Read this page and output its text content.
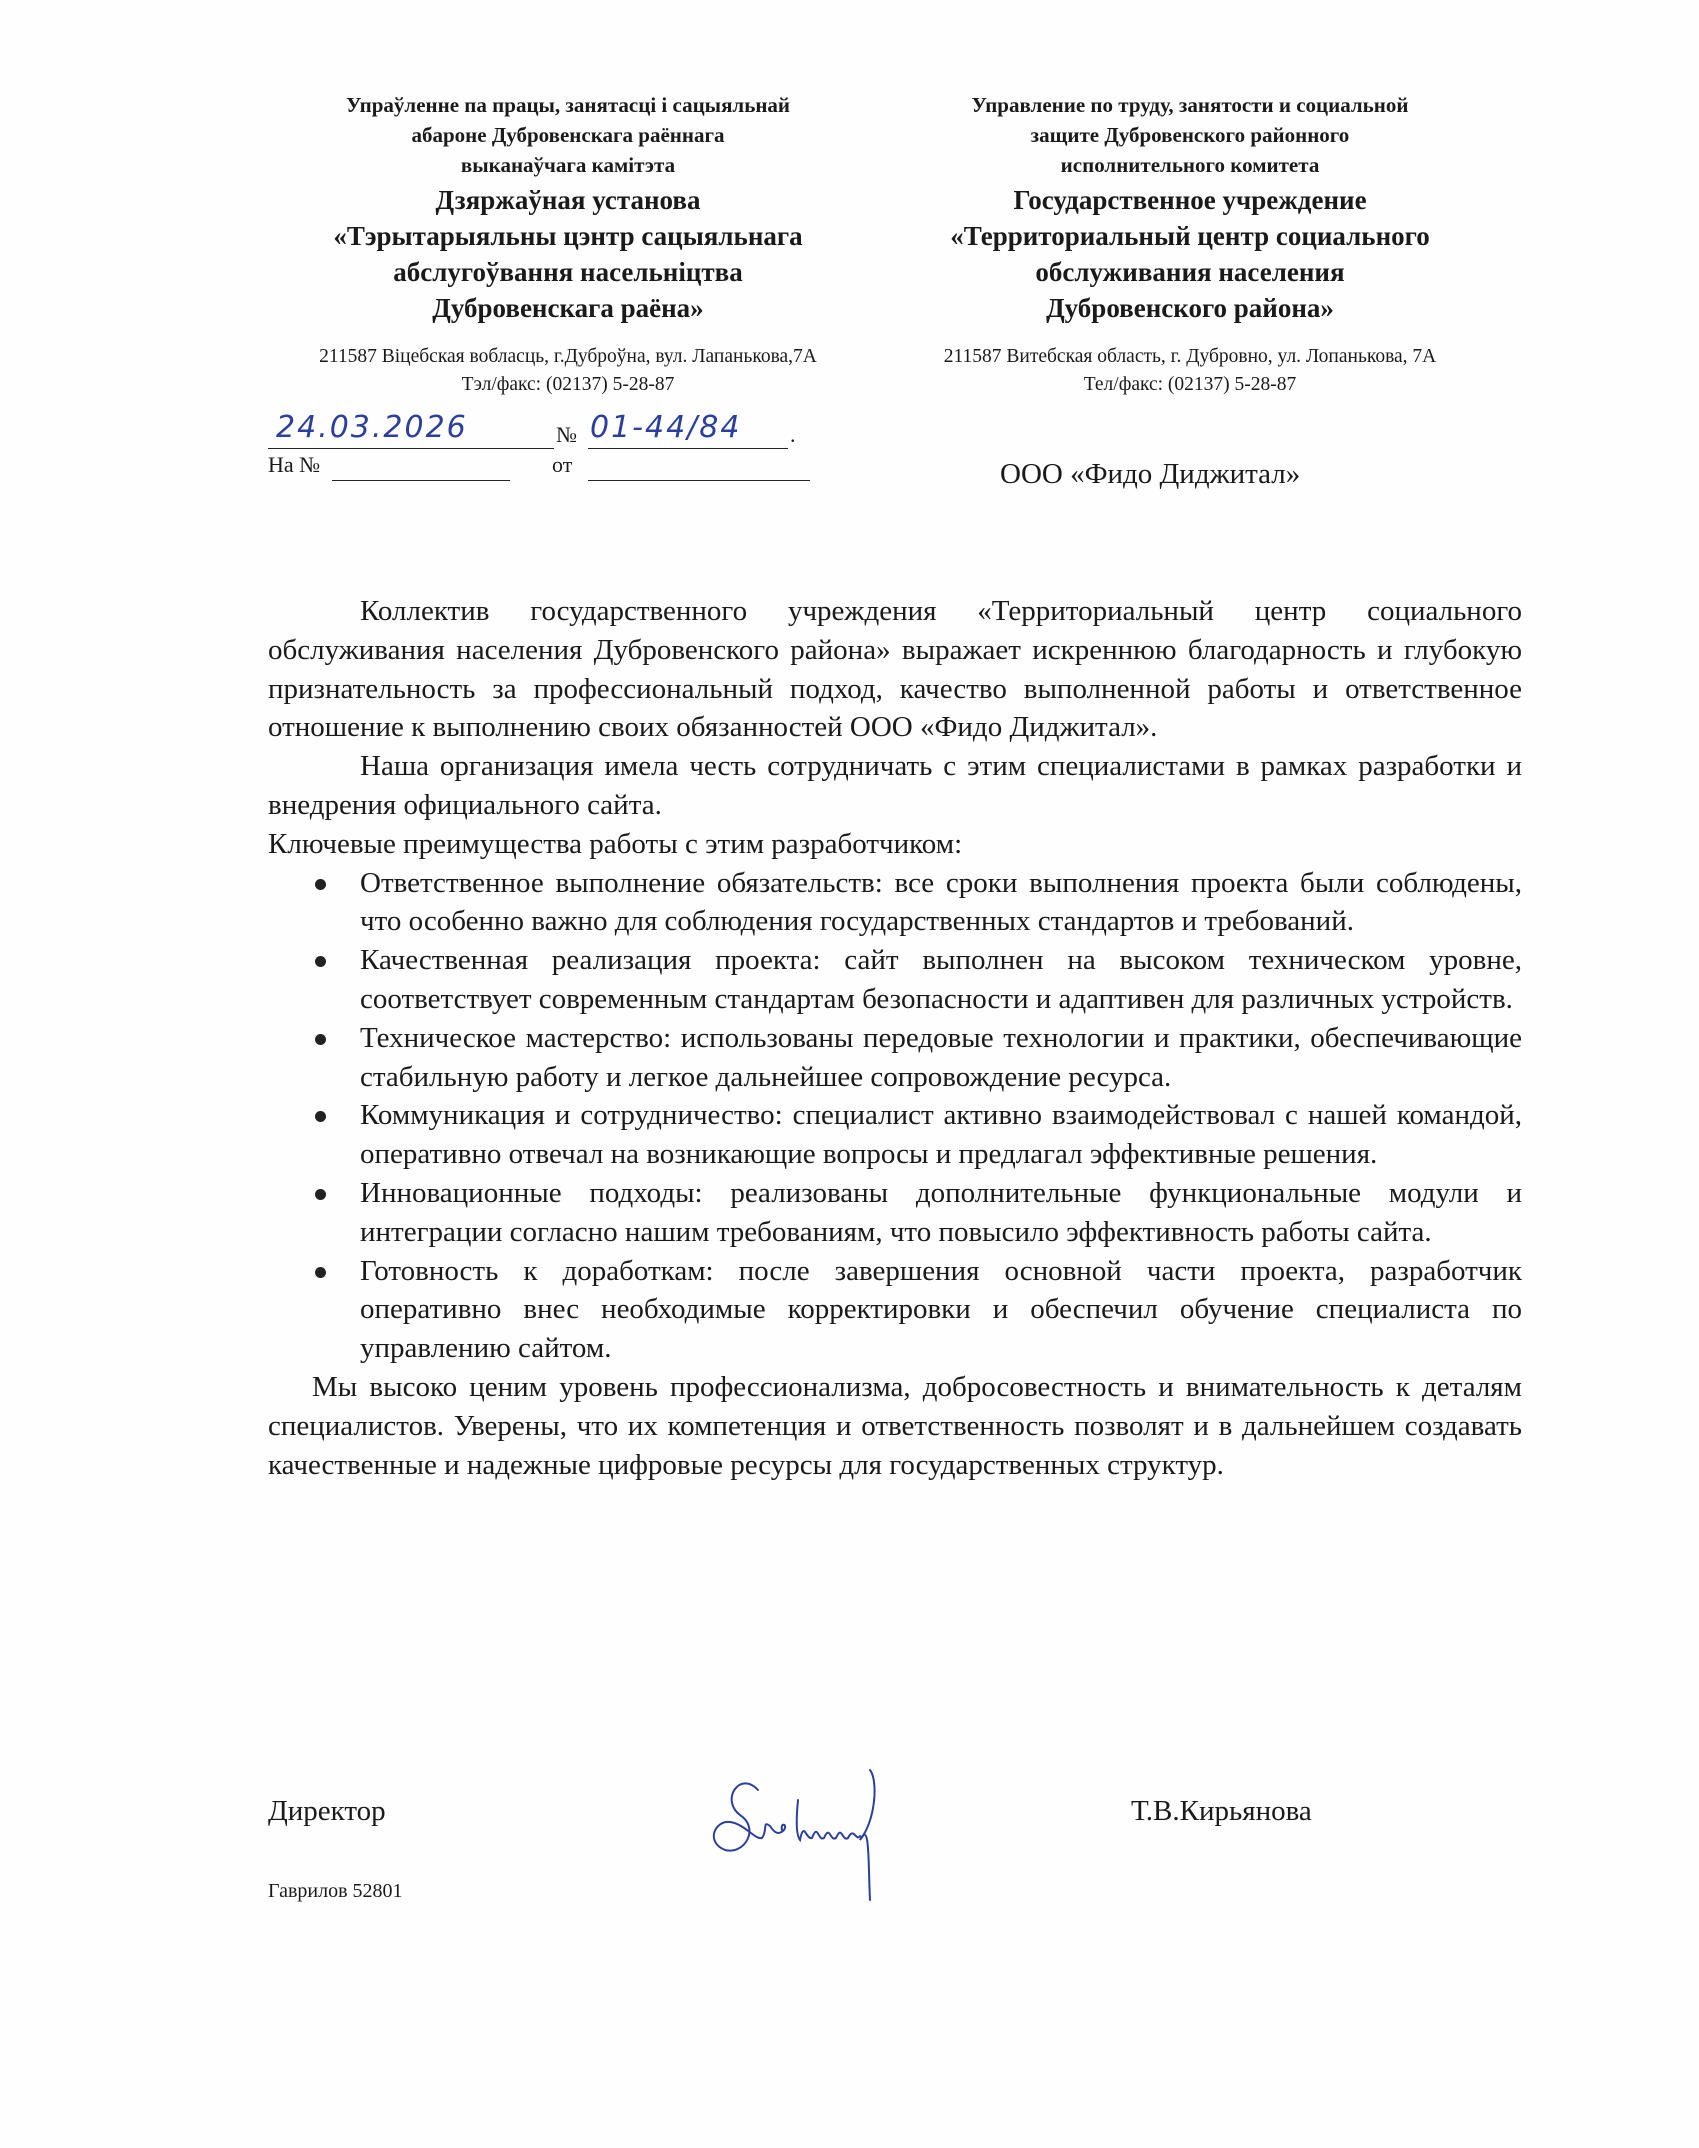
Упраўленне па працы, занятасці і сацыяльнай
абароне Дубровенскага раённага
выканаўчага камітэта
Дзяржаўная установа
«Тэрытарыяльны цэнтр сацыяльнага
абслугоўвання насельніцтва
Дубровенскага раёна»
Управление по труду, занятости и социальной
защите Дубровенского районного
исполнительного комитета
Государственное учреждение
«Территориальный центр социального
обслуживания населения
Дубровенского района»
211587 Віцебская вобласць, г.Дуброўна, вул. Лапанькова,7А
Тэл/факс: (02137) 5-28-87
211587 Витебская область, г. Дубровно, ул. Лопанькова, 7А
Тел/факс: (02137) 5-28-87
24.03.2026	№ 01-44/84 .
На №	от	ООО «Фидо Диджитал»

Коллектив государственного учреждения «Территориальный центр социального обслуживания населения Дубровенского района» выражает искреннюю благодарность и глубокую признательность за профессиональный подход, качество выполненной работы и ответственное отношение к выполнению своих обязанностей ООО «Фидо Диджитал».

Наша организация имела честь сотрудничать с этим специалистами в рамках разработки и внедрения официального сайта.

Ключевые преимущества работы с этим разработчиком:

Ответственное выполнение обязательств: все сроки выполнения проекта были соблюдены, что особенно важно для соблюдения государственных стандартов и требований.
Качественная реализация проекта: сайт выполнен на высоком техническом уровне, соответствует современным стандартам безопасности и адаптивен для различных устройств.
Техническое мастерство: использованы передовые технологии и практики, обеспечивающие стабильную работу и легкое дальнейшее сопровождение ресурса.
Коммуникация и сотрудничество: специалист активно взаимодействовал с нашей командой, оперативно отвечал на возникающие вопросы и предлагал эффективные решения.
Инновационные подходы: реализованы дополнительные функциональные модули и интеграции согласно нашим требованиям, что повысило эффективность работы сайта.
Готовность к доработкам: после завершения основной части проекта, разработчик оперативно внес необходимые корректировки и обеспечил обучение специалиста по управлению сайтом.

Мы высоко ценим уровень профессионализма, добросовестность и внимательность к деталям специалистов. Уверены, что их компетенция и ответственность позволят и в дальнейшем создавать качественные и надежные цифровые ресурсы для государственных структур.

Директор	Т.В.Кирьянова
Гаврилов 52801
